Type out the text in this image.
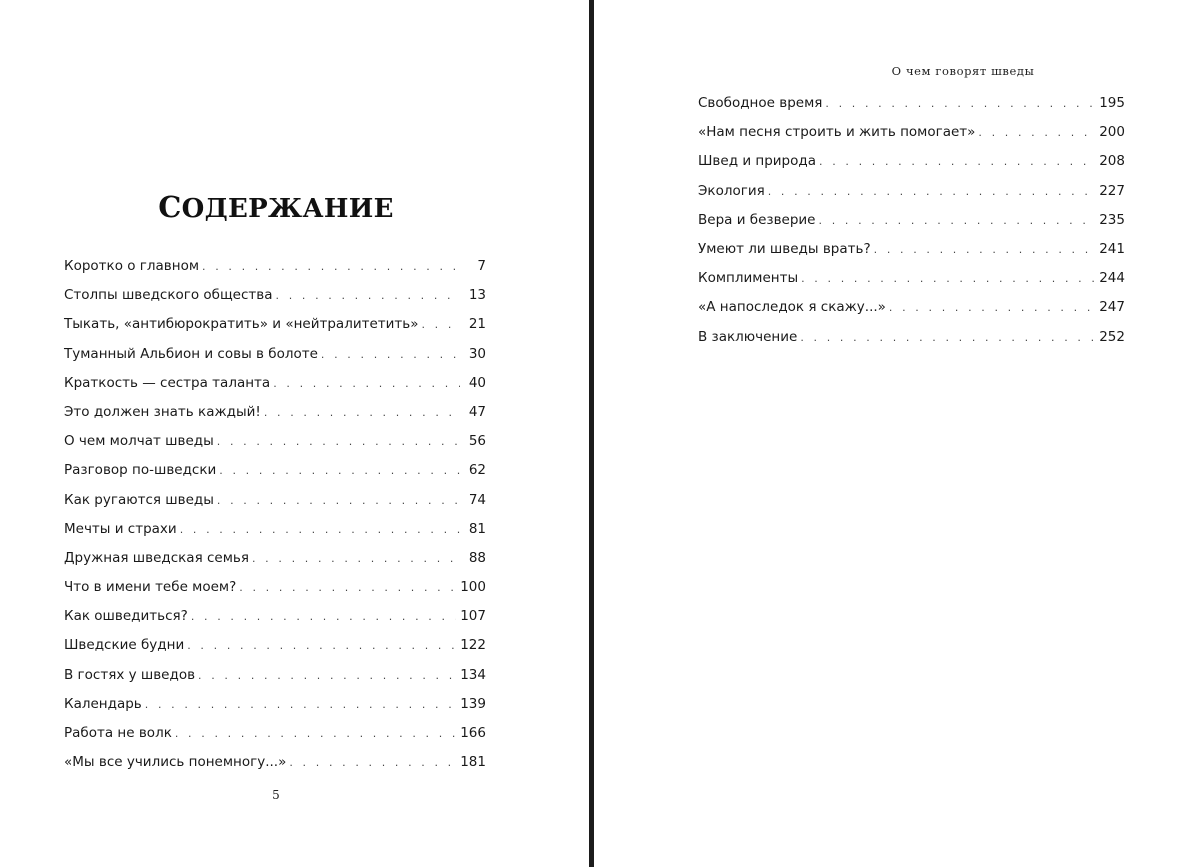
СОДЕРЖАНИЕ
Коротко о главном . . .	7
Столпы шведского общества . . .	13
Тыкать, «антибюрократить» и «нейтралитетить» . . .	21
Туманный Альбион и совы в болоте . . .	30
Краткость — сестра таланта . . .	40
Это должен знать каждый! . . .	47
О чем молчат шведы . . .	56
Разговор по-шведски . . .	62
Как ругаются шведы . . .	74
Мечты и страхи . . .	81
Дружная шведская семья . . .	88
Что в имени тебе моем? . . .	100
Как ошведиться? . . .	107
Шведские будни . . .	122
В гостях у шведов . . .	134
Календарь . . .	139
Работа не волк . . .	166
«Мы все учились понемногу...» . . .	181
5
О чем говорят шведы
Свободное время . . .	195
«Нам песня строить и жить помогает» . . .	200
Швед и природа . . .	208
Экология . . .	227
Вера и безверие . . .	235
Умеют ли шведы врать? . . .	241
Комплименты . . .	244
«А напоследок я скажу...» . . .	247
В заключение . . .	252
